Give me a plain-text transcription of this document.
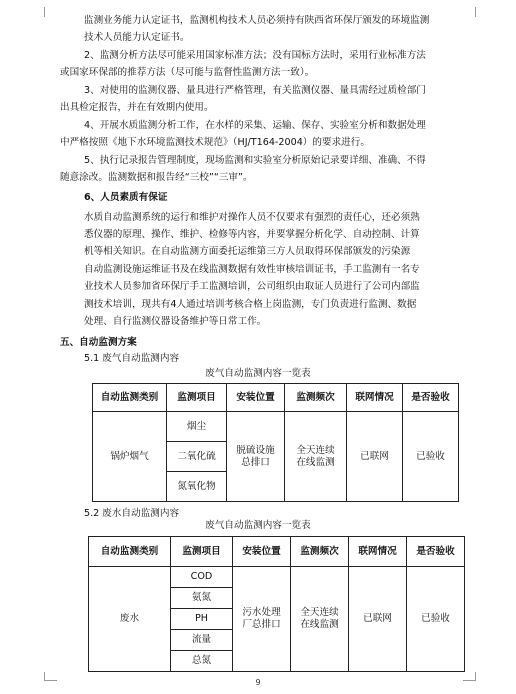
监测业务能力认定证书，监测机构技术人员必须持有陕西省环保厅颁发的环境监测
技术人员能力认定证书。
2、监测分析方法尽可能采用国家标准方法；没有国标方法时，采用行业标准方法
或国家环保部的推荐方法（尽可能与监督性监测方法一致）。
3、对使用的监测仪器、量具进行严格管理，有关监测仪器、量具需经过质检部门
出具检定报告，并在有效期内使用。
4、开展水质监测分析工作，在水样的采集、运输、保存、实验室分析和数据处理
中严格按照《地下水环境监测技术规范》（HJ/T164-2004）的要求进行。
5、执行记录报告管理制度，现场监测和实验室分析原始记录要详细、准确、不得
随意涂改。监测数据和报告经“三校”“三审”。
6、人员素质有保证
水质自动监测系统的运行和维护对操作人员不仅要求有强烈的责任心，还必须熟
悉仪器的原理、操作、维护、检修等内容，并要掌握分析化学、自动控制、计算
机等相关知识。在自动监测方面委托运维第三方人员取得环保部颁发的污染源
自动监测设施运维证书及在线监测数据有效性审核培训证书，手工监测有一名专
业技术人员参加省环保厅手工监测培训，公司组织由取证人员进行了公司内部监
测技术培训，现共有4人通过培训考核合格上岗监测，专门负责进行监测、数据
处理、自行监测仪器设备维护等日常工作。
五、自动监测方案
5.1 废气自动监测内容
废气自动监测内容一览表
自动监测类别	监测项目	安装位置	监测频次	联网情况	是否验收
锅炉烟气	烟尘	脱硫设施总排口	全天连续在线监测	已联网	已验收
	二氧化硫				
	氮氧化物				
5.2 废水自动监测内容
废气自动监测内容一览表
自动监测类别	监测项目	安装位置	监测频次	联网情况	是否验收
废水	COD	污水处理厂总排口	全天连续在线监测	已联网	已验收
	氨氮				
	PH				
	流量				
	总氮				
9
